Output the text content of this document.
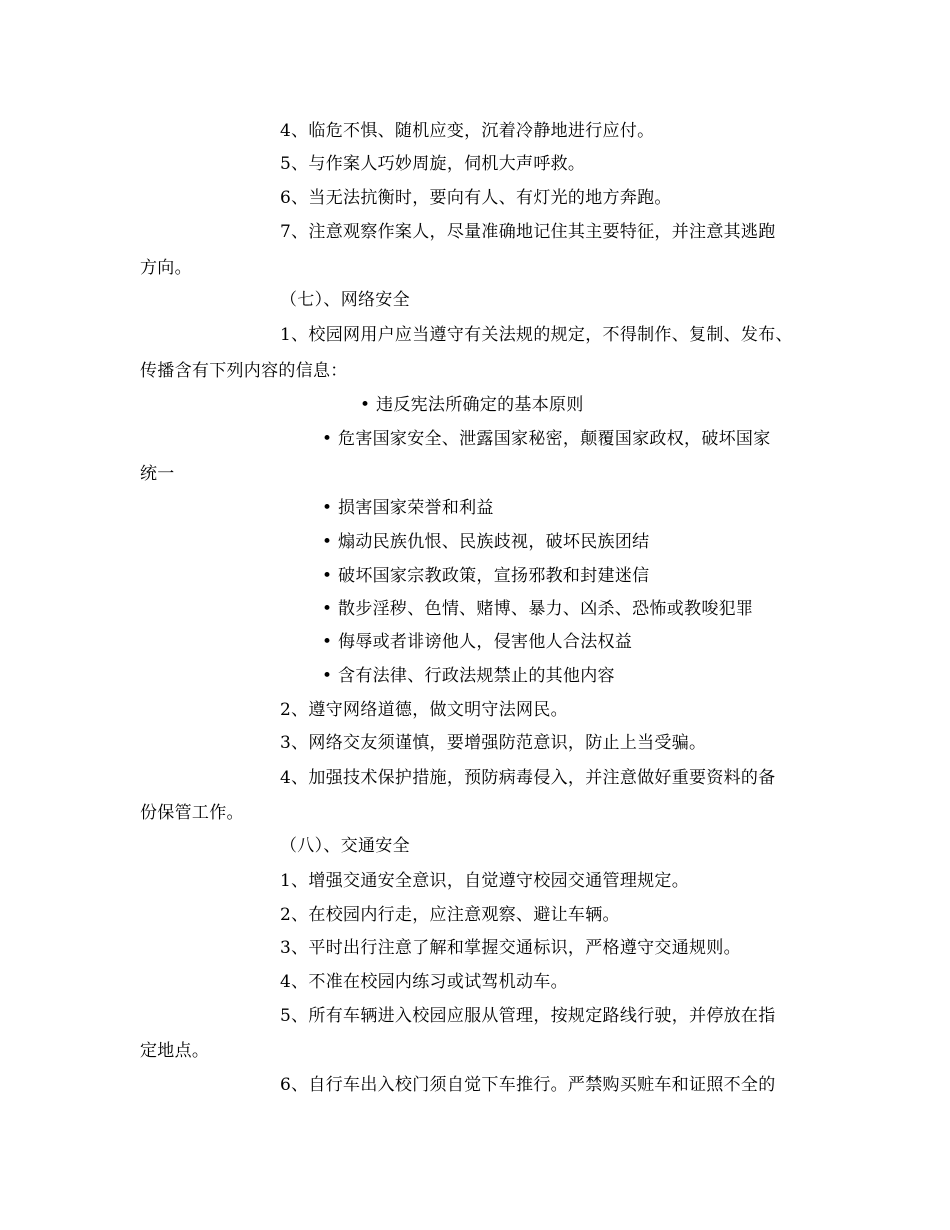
4、临危不惧、随机应变，沉着冷静地进行应付。
5、与作案人巧妙周旋，伺机大声呼救。
6、当无法抗衡时，要向有人、有灯光的地方奔跑。
7、注意观察作案人，尽量准确地记住其主要特征，并注意其逃跑
方向。
（七）、网络安全
1、校园网用户应当遵守有关法规的规定，不得制作、复制、发布、
传播含有下列内容的信息：
• 违反宪法所确定的基本原则
• 危害国家安全、泄露国家秘密，颠覆国家政权，破坏国家
统一
• 损害国家荣誉和利益
• 煽动民族仇恨、民族歧视，破坏民族团结
• 破坏国家宗教政策，宣扬邪教和封建迷信
• 散步淫秽、色情、赌博、暴力、凶杀、恐怖或教唆犯罪
• 侮辱或者诽谤他人，侵害他人合法权益
• 含有法律、行政法规禁止的其他内容
2、遵守网络道德，做文明守法网民。
3、网络交友须谨慎，要增强防范意识，防止上当受骗。
4、加强技术保护措施，预防病毒侵入，并注意做好重要资料的备
份保管工作。
（八）、交通安全
1、增强交通安全意识，自觉遵守校园交通管理规定。
2、在校园内行走，应注意观察、避让车辆。
3、平时出行注意了解和掌握交通标识，严格遵守交通规则。
4、不准在校园内练习或试驾机动车。
5、所有车辆进入校园应服从管理，按规定路线行驶，并停放在指
定地点。
6、自行车出入校门须自觉下车推行。严禁购买赃车和证照不全的
